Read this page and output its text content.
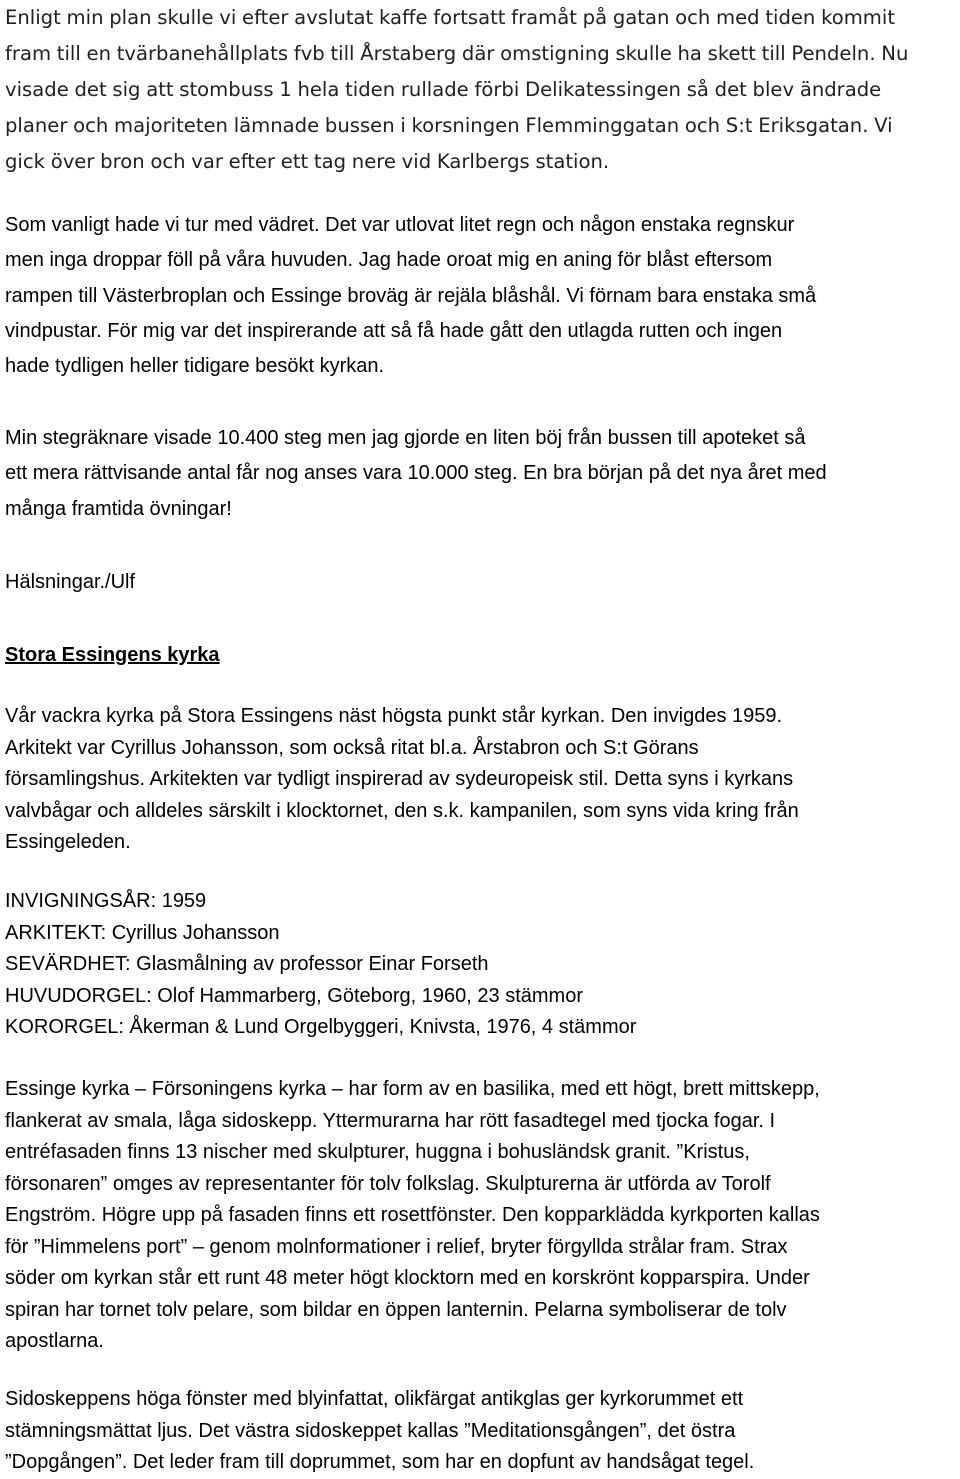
Enligt min plan skulle vi efter avslutat kaffe fortsatt framåt på gatan och med tiden kommit
fram till en tvärbanehållplats fvb till Årstaberg där omstigning skulle ha skett till Pendeln. Nu
visade det sig att stombuss 1 hela tiden rullade förbi Delikatessingen så det blev ändrade
planer och majoriteten lämnade bussen i korsningen Flemminggatan och S:t Eriksgatan. Vi
gick över bron och var efter ett tag nere vid Karlbergs station.
Som vanligt hade vi tur med vädret. Det var utlovat litet regn och någon enstaka regnskur
men inga droppar föll på våra huvuden. Jag hade oroat mig en aning för blåst eftersom
rampen till Västerbroplan och Essinge broväg är rejäla blåshål. Vi förnam bara enstaka små
vindpustar. För mig var det inspirerande att så få hade gått den utlagda rutten och ingen
hade tydligen heller tidigare besökt kyrkan.
Min stegräknare visade 10.400 steg men jag gjorde en liten böj från bussen till apoteket så
ett mera rättvisande antal får nog anses vara 10.000 steg. En bra början på det nya året med
många framtida övningar!
Hälsningar./Ulf
Stora Essingens kyrka
Vår vackra kyrka på Stora Essingens näst högsta punkt står kyrkan. Den invigdes 1959.
Arkitekt var Cyrillus Johansson, som också ritat bl.a. Årstabron och S:t Görans
församlingshus. Arkitekten var tydligt inspirerad av sydeuropeisk stil. Detta syns i kyrkans
valvbågar och alldeles särskilt i klocktornet, den s.k. kampanilen, som syns vida kring från
Essingeleden.
INVIGNINGSÅR: 1959
ARKITEKT: Cyrillus Johansson
SEVÄRDHET: Glasmålning av professor Einar Forseth
HUVUDORGEL: Olof Hammarberg, Göteborg, 1960, 23 stämmor
KORORGEL: Åkerman & Lund Orgelbyggeri, Knivsta, 1976, 4 stämmor
Essinge kyrka – Försoningens kyrka – har form av en basilika, med ett högt, brett mittskepp,
flankerat av smala, låga sidoskepp. Yttermurarna har rött fasadtegel med tjocka fogar. I
entréfasaden finns 13 nischer med skulpturer, huggna i bohusländsk granit. ”Kristus,
försonaren” omges av representanter för tolv folkslag. Skulpturerna är utförda av Torolf
Engström. Högre upp på fasaden finns ett rosettfönster. Den kopparklädda kyrkporten kallas
för ”Himmelens port” – genom molnformationer i relief, bryter förgyllda strålar fram. Strax
söder om kyrkan står ett runt 48 meter högt klocktorn med en korskrönt kopparspira. Under
spiran har tornet tolv pelare, som bildar en öppen lanternin. Pelarna symboliserar de tolv
apostlarna.
Sidoskeppens höga fönster med blyinfattat, olikfärgat antikglas ger kyrkorummet ett
stämningsmättat ljus. Det västra sidoskeppet kallas ”Meditationsgången”, det östra
”Dopgången”. Det leder fram till doprummet, som har en dopfunt av handsågat tegel.
